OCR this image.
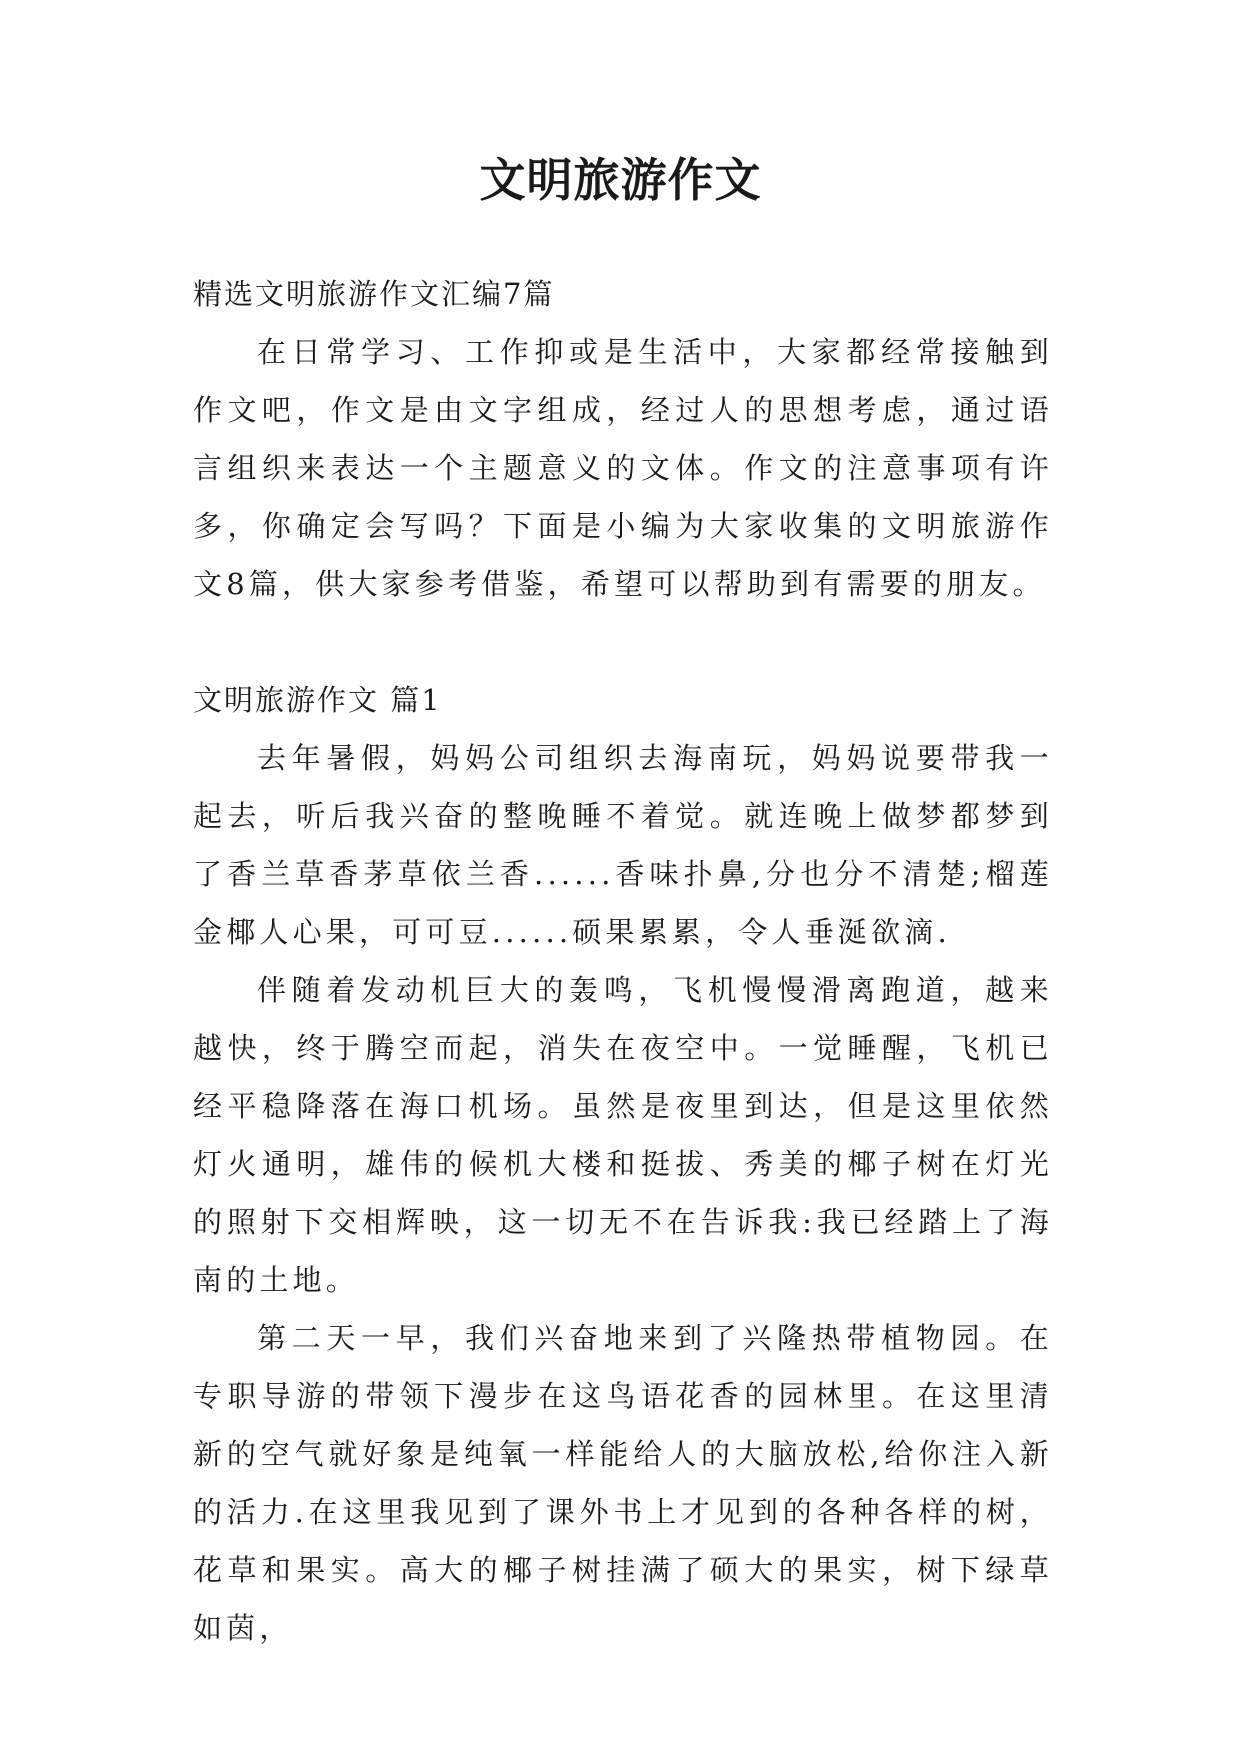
文明旅游作文

精选文明旅游作文汇编7篇

在日常学习、工作抑或是生活中，大家都经常接触到作文吧，作文是由文字组成，经过人的思想考虑，通过语言组织来表达一个主题意义的文体。作文的注意事项有许多，你确定会写吗？下面是小编为大家收集的文明旅游作文8篇，供大家参考借鉴，希望可以帮助到有需要的朋友。

文明旅游作文 篇1

去年暑假，妈妈公司组织去海南玩，妈妈说要带我一起去，听后我兴奋的整晚睡不着觉。就连晚上做梦都梦到了香兰草香茅草依兰香......香味扑鼻,分也分不清楚;榴莲金椰人心果，可可豆......硕果累累，令人垂涎欲滴.

伴随着发动机巨大的轰鸣，飞机慢慢滑离跑道，越来越快，终于腾空而起，消失在夜空中。一觉睡醒，飞机已经平稳降落在海口机场。虽然是夜里到达，但是这里依然灯火通明，雄伟的候机大楼和挺拔、秀美的椰子树在灯光的照射下交相辉映，这一切无不在告诉我:我已经踏上了海南的土地。

第二天一早，我们兴奋地来到了兴隆热带植物园。在专职导游的带领下漫步在这鸟语花香的园林里。在这里清新的空气就好象是纯氧一样能给人的大脑放松,给你注入新的活力.在这里我见到了课外书上才见到的各种各样的树，花草和果实。高大的椰子树挂满了硕大的果实，树下绿草如茵，
